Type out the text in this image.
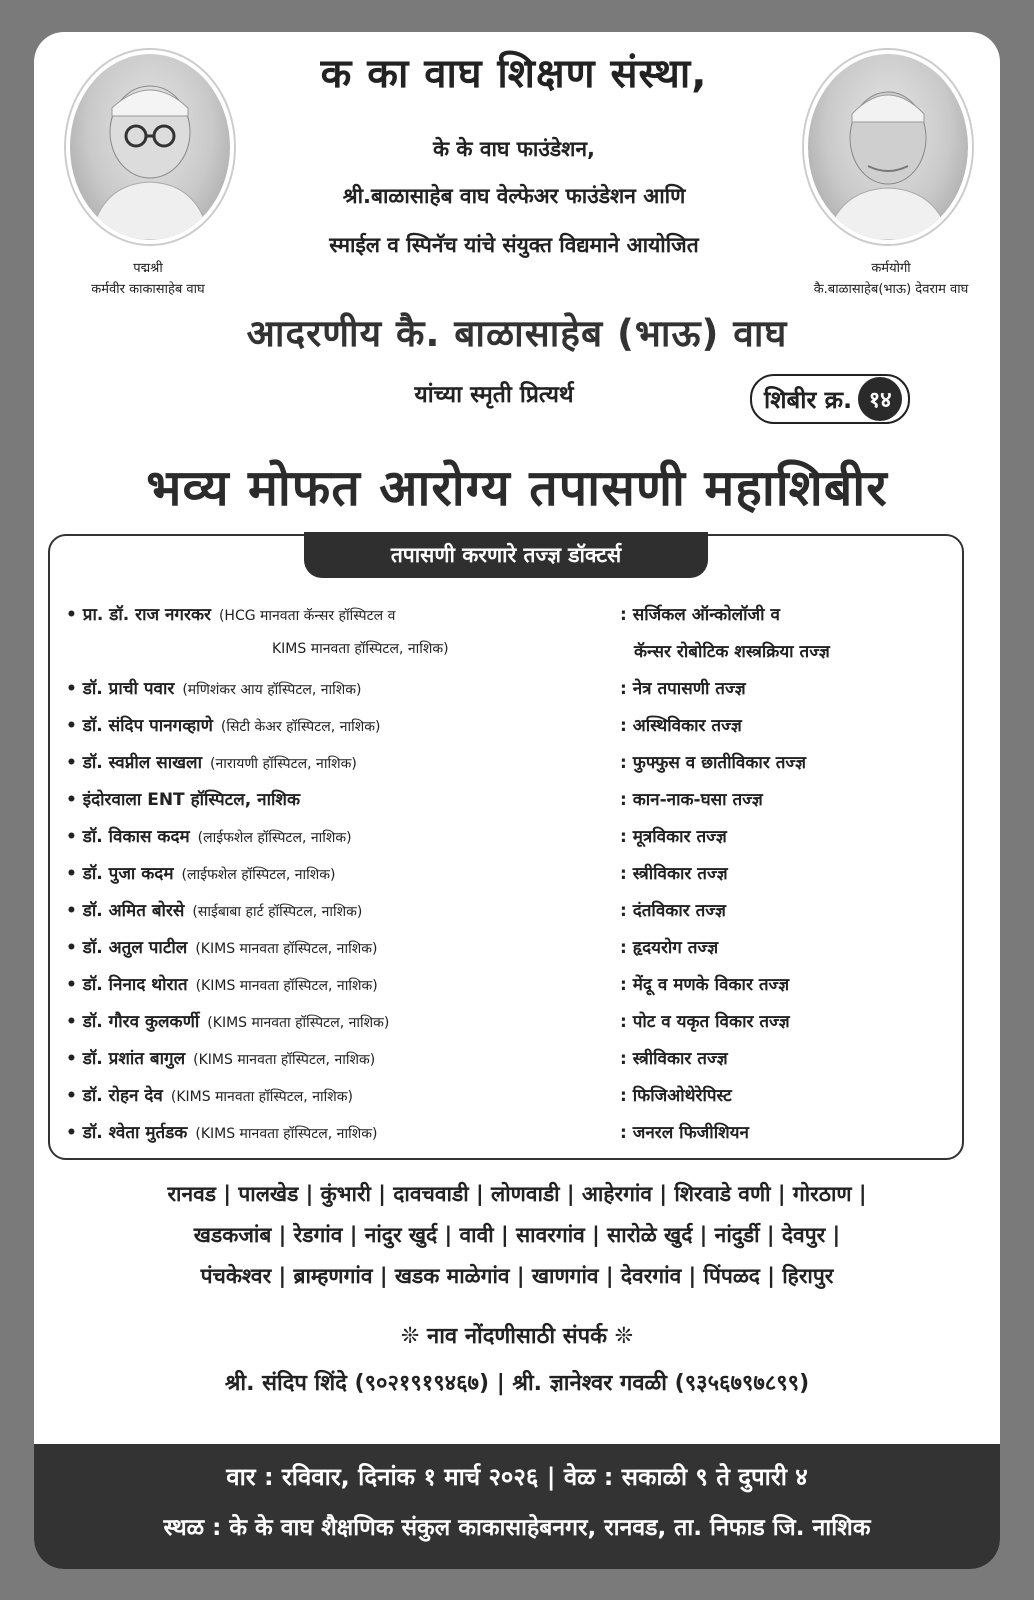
पद्मश्री
कर्मवीर काकासाहेब वाघ
कर्मयोगी
कै.बाळासाहेब(भाऊ) देवराम वाघ
क का वाघ शिक्षण संस्था,
के के वाघ फाउंडेशन,
श्री.बाळासाहेब वाघ वेल्फेअर फाउंडेशन आणि
स्माईल व स्पिनॅच यांचे संयुक्त विद्यमाने आयोजित
आदरणीय कै. बाळासाहेब (भाऊ) वाघ
यांच्या स्मृती प्रित्यर्थ	शिबीर क्र. १४
भव्य मोफत आरोग्य तपासणी महाशिबीर
तपासणी करणारे तज्ज्ञ डॉक्टर्स
• प्रा. डॉ. राज नगरकर (HCG मानवता कॅन्सर हॉस्पिटल व
KIMS मानवता हॉस्पिटल, नाशिक)
: सर्जिकल ऑन्कोलॉजी व
कॅन्सर रोबोटिक शस्त्रक्रिया तज्ज्ञ
• डॉ. प्राची पवार (मणिशंकर आय हॉस्पिटल, नाशिक)	: नेत्र तपासणी तज्ज्ञ
• डॉ. संदिप पानगव्हाणे (सिटी केअर हॉस्पिटल, नाशिक)	: अस्थिविकार तज्ज्ञ
• डॉ. स्वप्नील साखला (नारायणी हॉस्पिटल, नाशिक)	: फुफ्फुस व छातीविकार तज्ज्ञ
• इंदोरवाला ENT हॉस्पिटल, नाशिक	: कान-नाक-घसा तज्ज्ञ
• डॉ. विकास कदम (लाईफशेल हॉस्पिटल, नाशिक)	: मूत्रविकार तज्ज्ञ
• डॉ. पुजा कदम (लाईफशेल हॉस्पिटल, नाशिक)	: स्त्रीविकार तज्ज्ञ
• डॉ. अमित बोरसे (साईबाबा हार्ट हॉस्पिटल, नाशिक)	: दंतविकार तज्ज्ञ
• डॉ. अतुल पाटील (KIMS मानवता हॉस्पिटल, नाशिक)	: हृदयरोग तज्ज्ञ
• डॉ. निनाद थोरात (KIMS मानवता हॉस्पिटल, नाशिक)	: मेंदू व मणके विकार तज्ज्ञ
• डॉ. गौरव कुलकर्णी (KIMS मानवता हॉस्पिटल, नाशिक)	: पोट व यकृत विकार तज्ज्ञ
• डॉ. प्रशांत बागुल (KIMS मानवता हॉस्पिटल, नाशिक)	: स्त्रीविकार तज्ज्ञ
• डॉ. रोहन देव (KIMS मानवता हॉस्पिटल, नाशिक)	: फिजिओथेरेपिस्ट
• डॉ. श्वेता मुर्तडक (KIMS मानवता हॉस्पिटल, नाशिक)	: जनरल फिजीशियन
रानवड | पालखेड | कुंभारी | दावचवाडी | लोणवाडी | आहेरगांव | शिरवाडे वणी | गोरठाण |
खडकजांब | रेडगांव | नांदुर खुर्द | वावी | सावरगांव | सारोळे खुर्द | नांदुर्डी | देवपुर |
पंचकेश्वर | ब्राम्हणगांव | खडक माळेगांव | खाणगांव | देवरगांव | पिंपळद | हिरापुर
❊ नाव नोंदणीसाठी संपर्क ❊
श्री. संदिप शिंदे (९०२१९१९४६७) | श्री. ज्ञानेश्वर गवळी (९३५६७९७८९९)
वार : रविवार, दिनांक १ मार्च २०२६ | वेळ : सकाळी ९ ते दुपारी ४
स्थळ : के के वाघ शैक्षणिक संकुल काकासाहेबनगर, रानवड, ता. निफाड जि. नाशिक
